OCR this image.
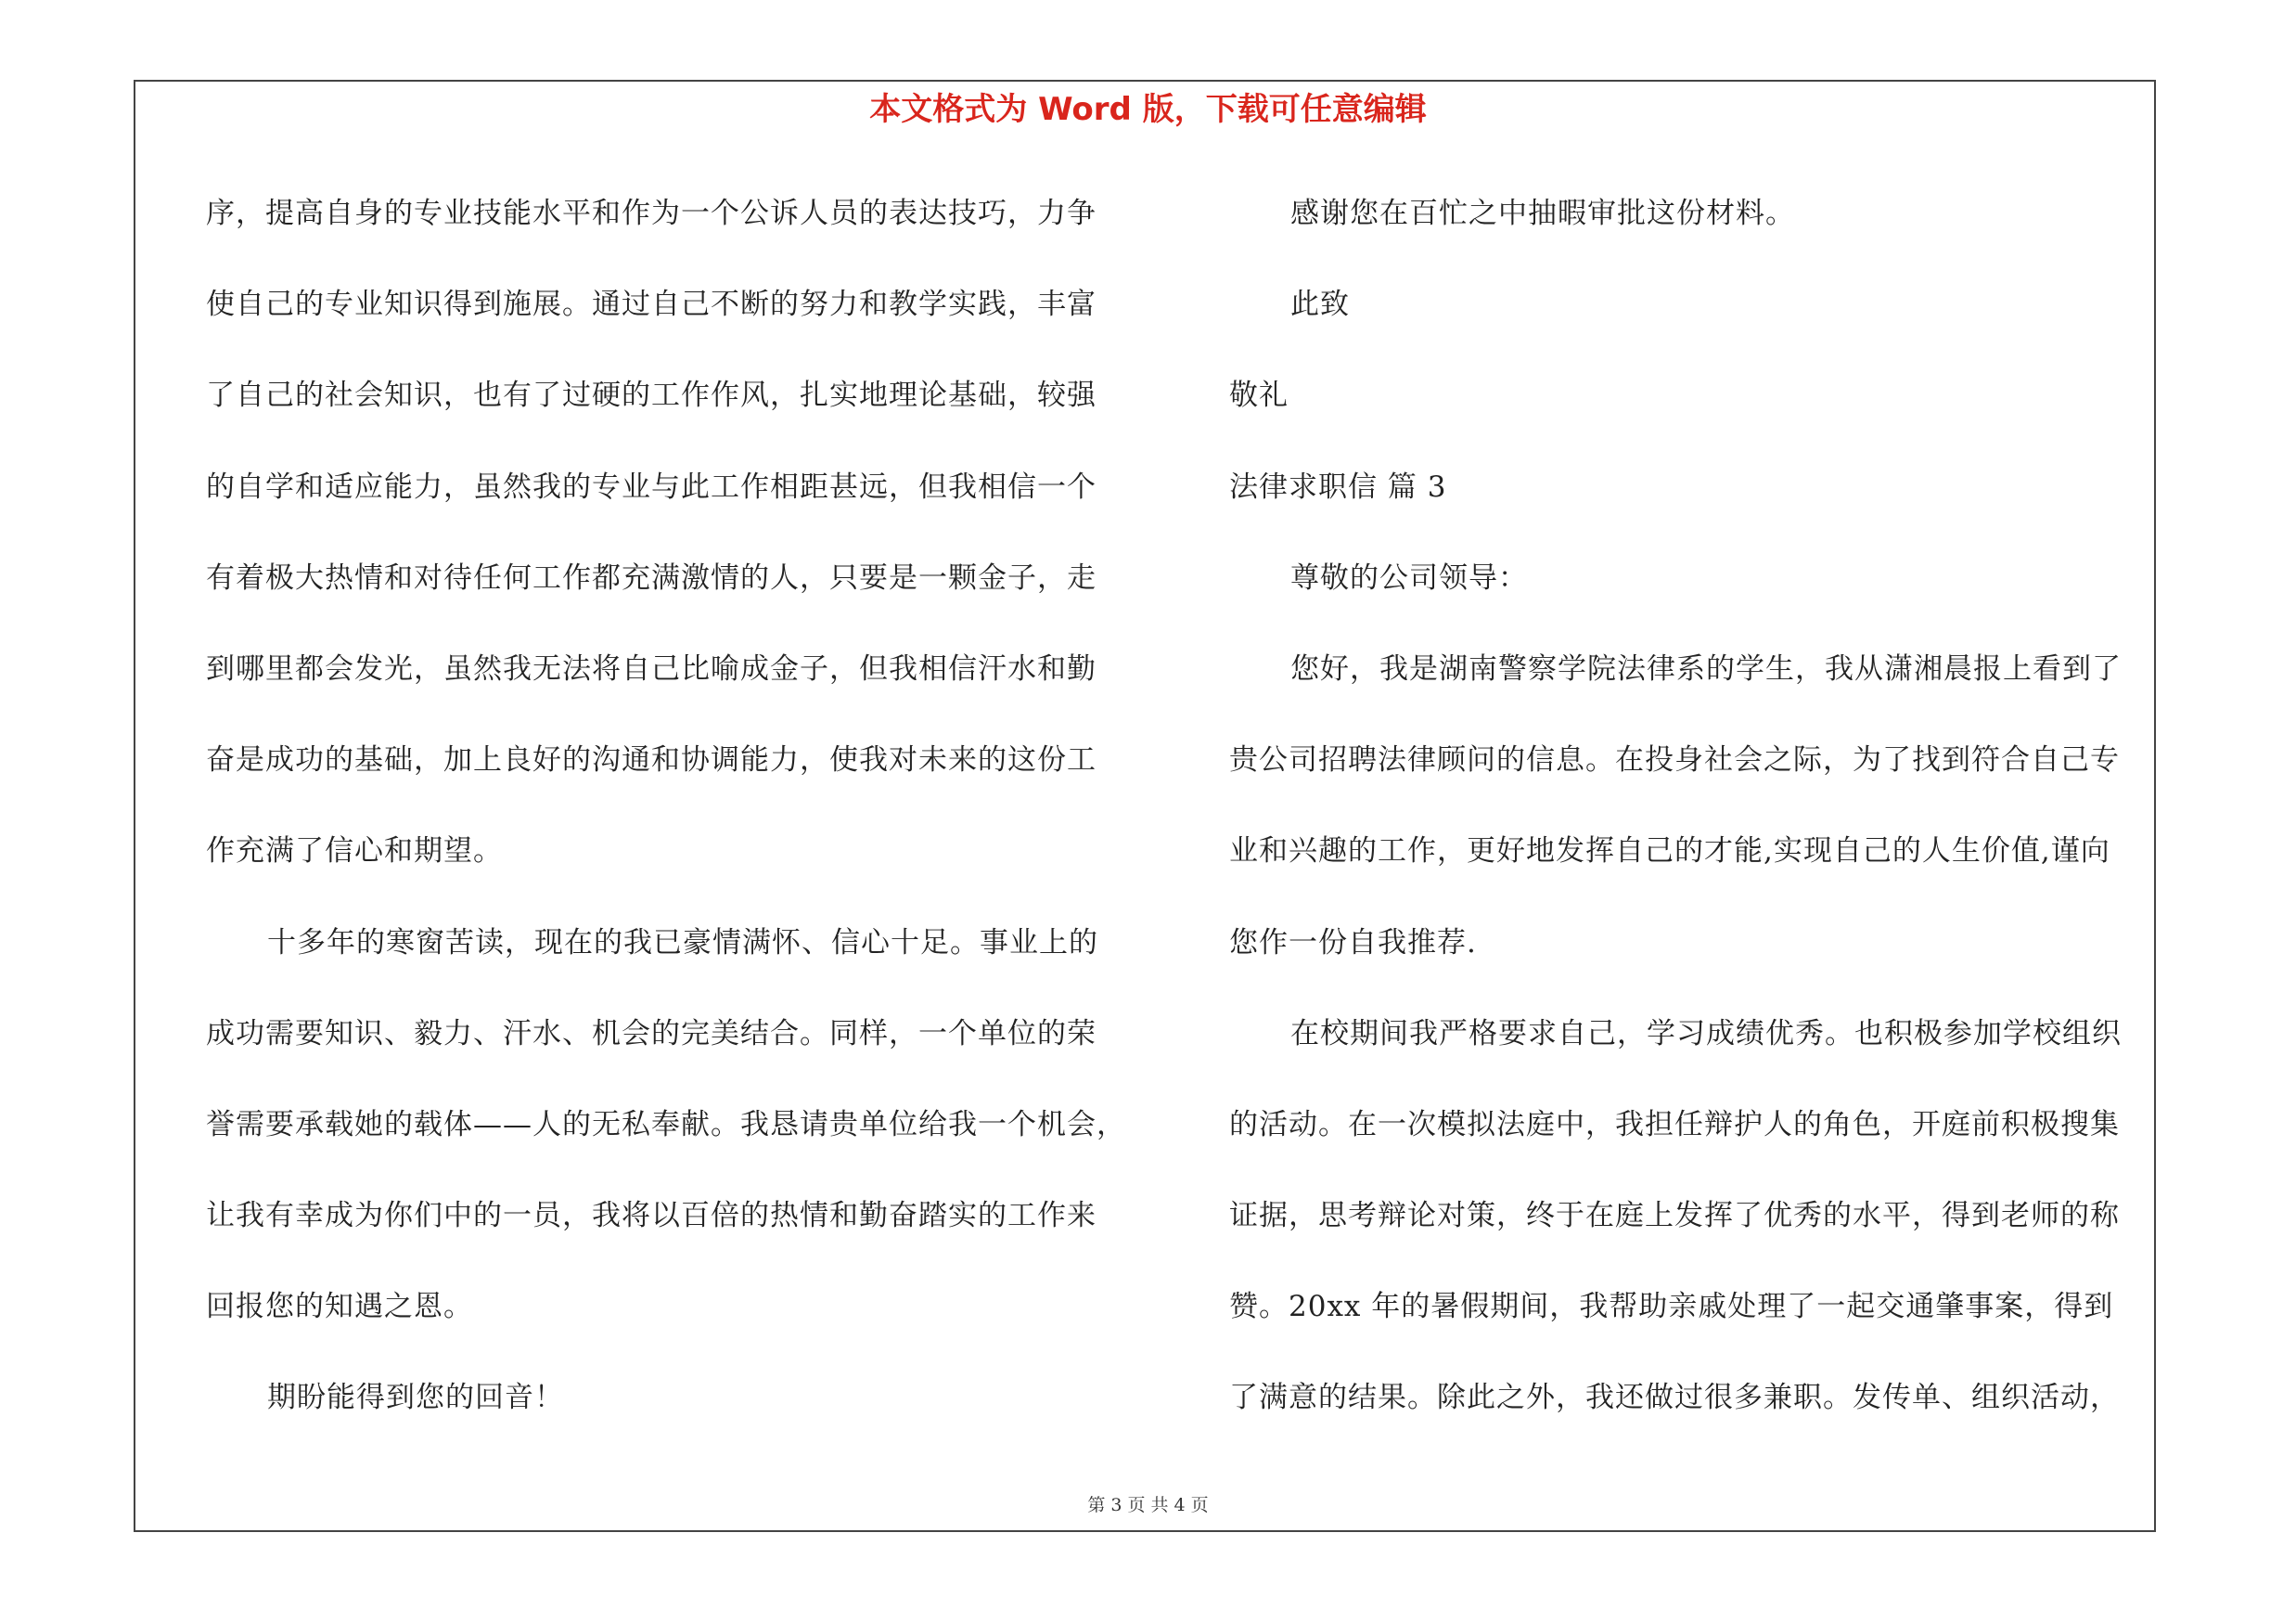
本文格式为 Word 版，下载可任意编辑
序，提高自身的专业技能水平和作为一个公诉人员的表达技巧，力争
使自己的专业知识得到施展。通过自己不断的努力和教学实践，丰富
了自己的社会知识，也有了过硬的工作作风，扎实地理论基础，较强
的自学和适应能力，虽然我的专业与此工作相距甚远，但我相信一个
有着极大热情和对待任何工作都充满激情的人，只要是一颗金子，走
到哪里都会发光，虽然我无法将自己比喻成金子，但我相信汗水和勤
奋是成功的基础，加上良好的沟通和协调能力，使我对未来的这份工
作充满了信心和期望。
十多年的寒窗苦读，现在的我已豪情满怀、信心十足。事业上的
成功需要知识、毅力、汗水、机会的完美结合。同样，一个单位的荣
誉需要承载她的载体——人的无私奉献。我恳请贵单位给我一个机会，
让我有幸成为你们中的一员，我将以百倍的热情和勤奋踏实的工作来
回报您的知遇之恩。
期盼能得到您的回音！
感谢您在百忙之中抽暇审批这份材料。
此致
敬礼
法律求职信 篇 3
尊敬的公司领导：
您好，我是湖南警察学院法律系的学生，我从潇湘晨报上看到了
贵公司招聘法律顾问的信息。在投身社会之际，为了找到符合自己专
业和兴趣的工作，更好地发挥自己的才能,实现自己的人生价值,谨向
您作一份自我推荐.
在校期间我严格要求自己，学习成绩优秀。也积极参加学校组织
的活动。在一次模拟法庭中，我担任辩护人的角色，开庭前积极搜集
证据，思考辩论对策，终于在庭上发挥了优秀的水平，得到老师的称
赞。20xx 年的暑假期间，我帮助亲戚处理了一起交通肇事案，得到
了满意的结果。除此之外，我还做过很多兼职。发传单、组织活动，
第 3 页 共 4 页
